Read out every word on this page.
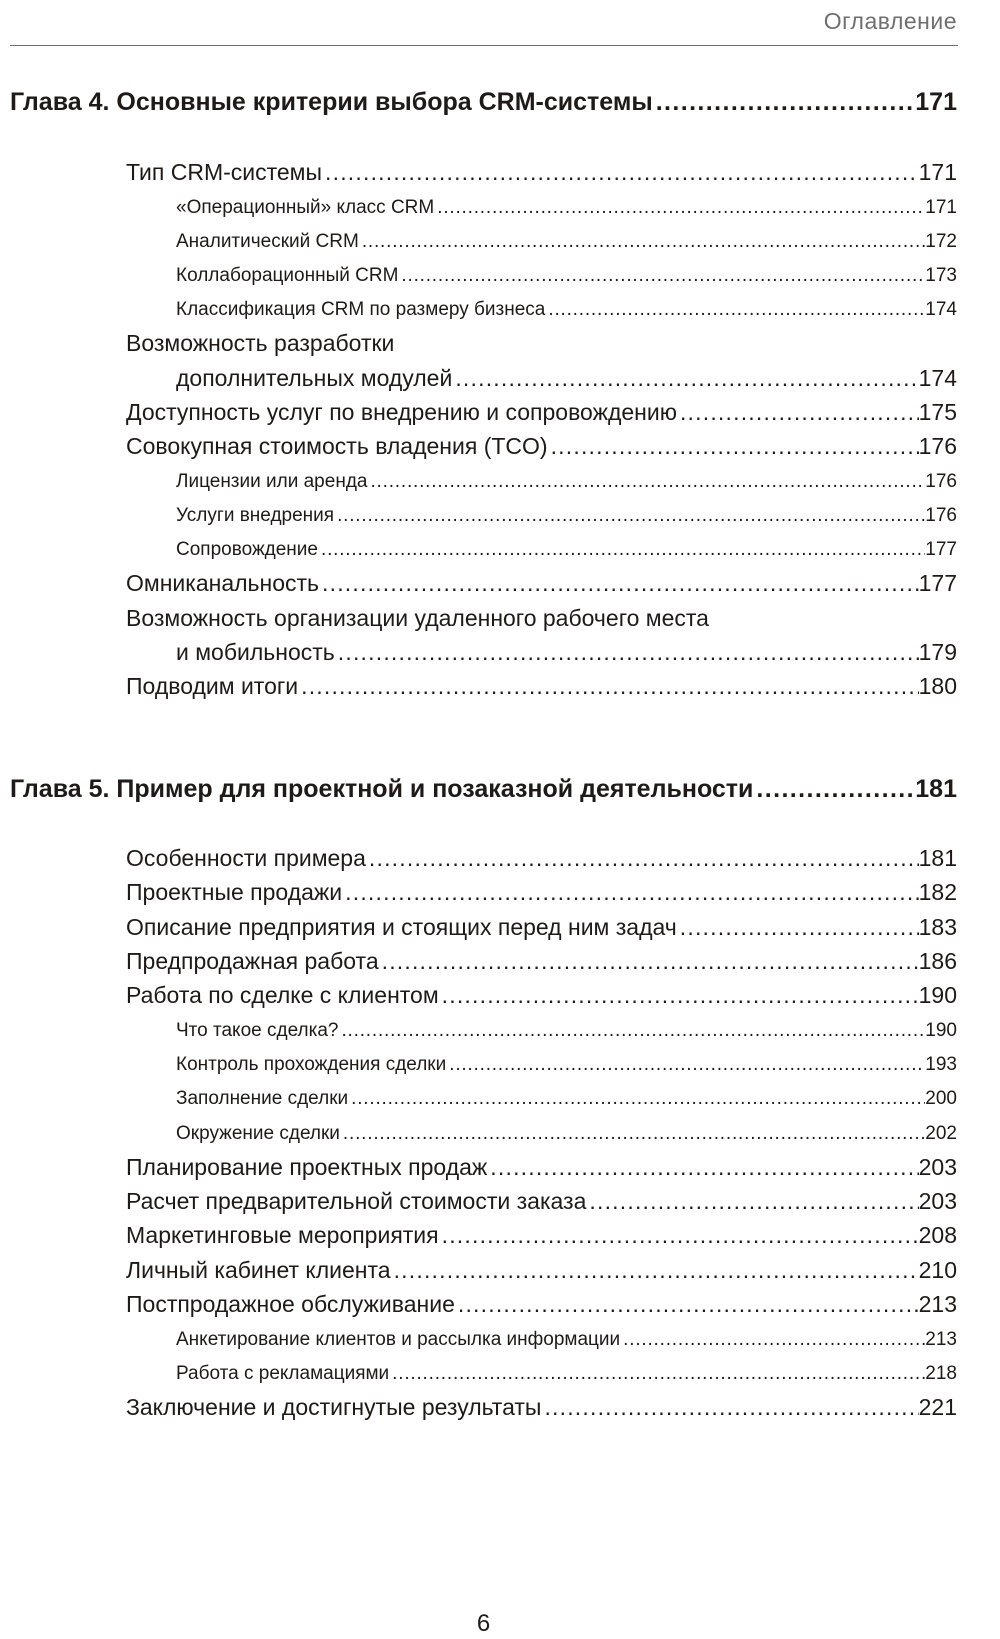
Оглавление
Глава 4. Основные критерии выбора CRM-системы .....	171
Тип CRM-системы .....	171
«Операционный» класс CRM .....	171
Аналитический CRM .....	172
Коллаборационный CRM .....	173
Классификация CRM по размеру бизнеса .....	174
Возможность разработки
дополнительных модулей .....	174
Доступность услуг по внедрению и сопровождению .....	175
Совокупная стоимость владения (TCO) .....	176
Лицензии или аренда .....	176
Услуги внедрения .....	176
Сопровождение .....	177
Омниканальность .....	177
Возможность организации удаленного рабочего места
и мобильность .....	179
Подводим итоги .....	180
Глава 5. Пример для проектной и позаказной деятельности .....	181
Особенности примера .....	181
Проектные продажи .....	182
Описание предприятия и стоящих перед ним задач .....	183
Предпродажная работа .....	186
Работа по сделке с клиентом .....	190
Что такое сделка? .....	190
Контроль прохождения сделки .....	193
Заполнение сделки .....	200
Окружение сделки .....	202
Планирование проектных продаж .....	203
Расчет предварительной стоимости заказа .....	203
Маркетинговые мероприятия .....	208
Личный кабинет клиента .....	210
Постпродажное обслуживание .....	213
Анкетирование клиентов и рассылка информации .....	213
Работа с рекламациями .....	218
Заключение и достигнутые результаты .....	221
6
